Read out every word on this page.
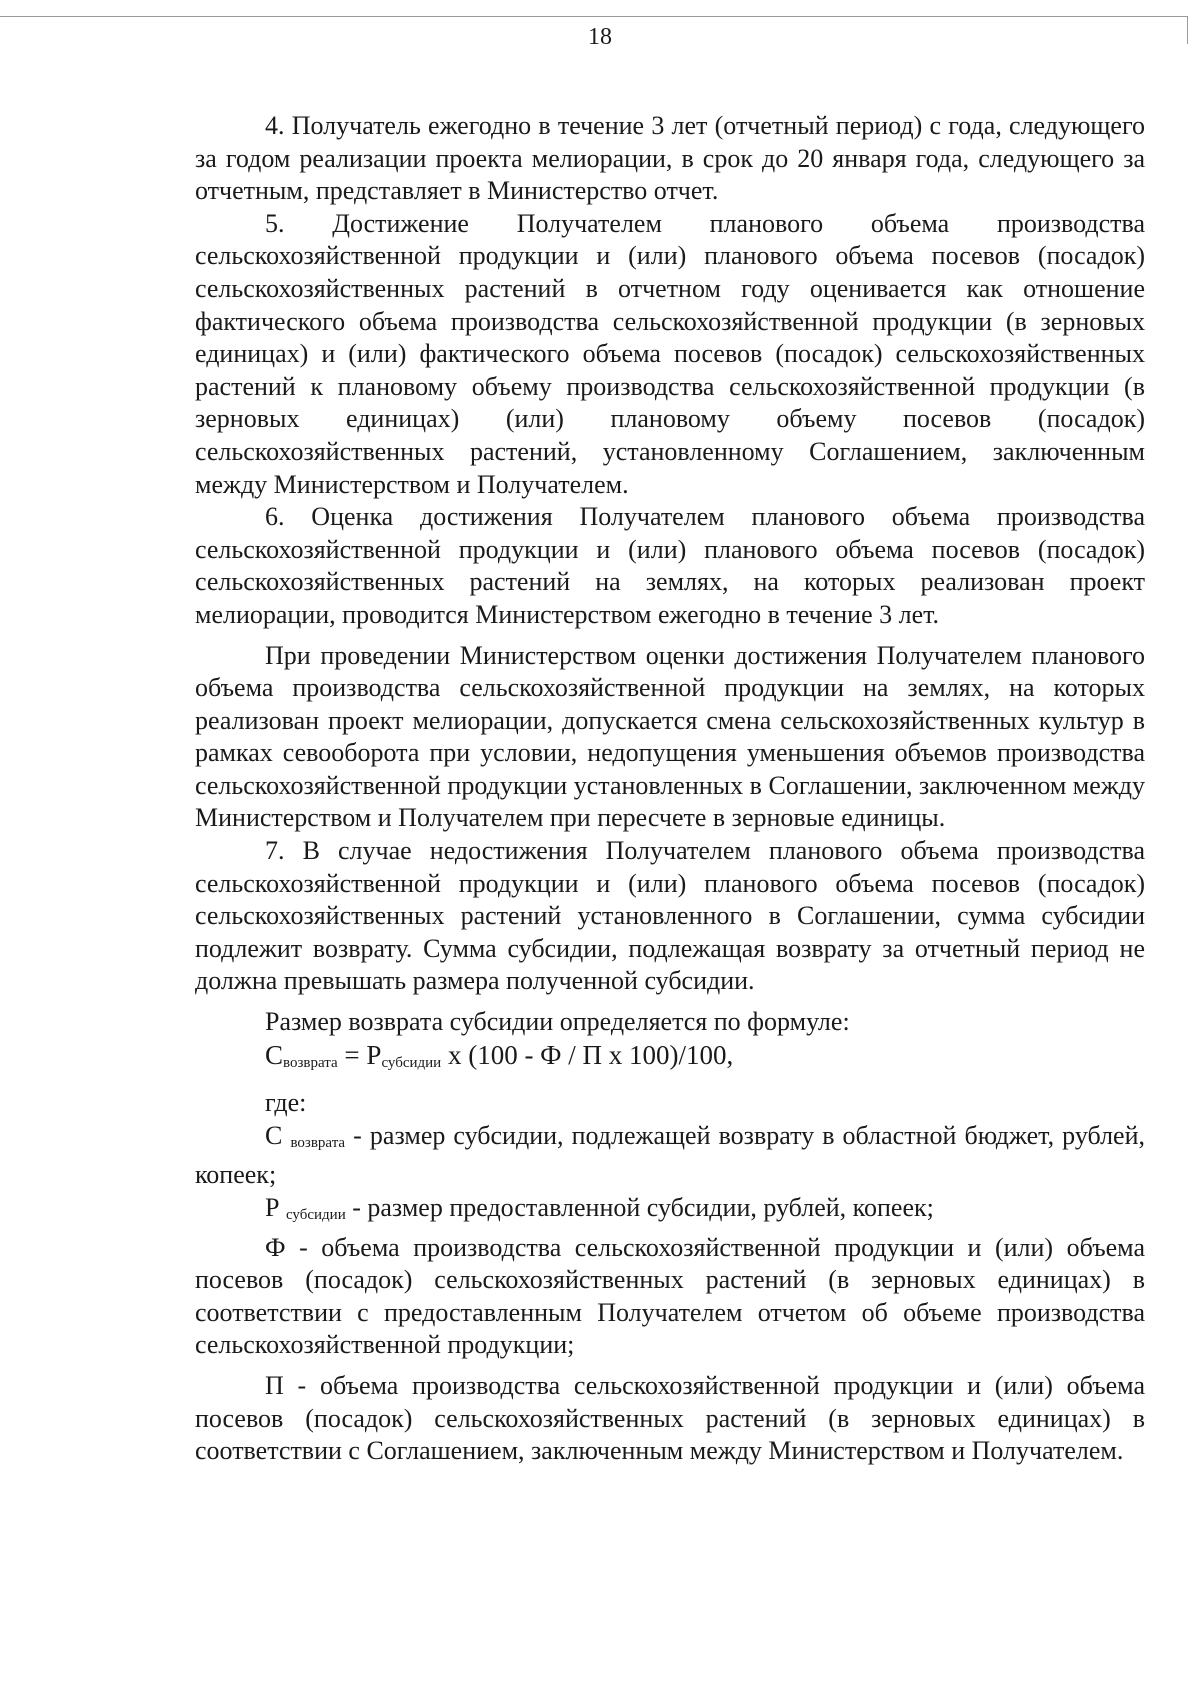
18

4. Получатель ежегодно в течение 3 лет (отчетный период) с года, следующего за годом реализации проекта мелиорации, в срок до 20 января года, следующего за отчетным, представляет в Министерство отчет.

5. Достижение Получателем планового объема производства сельскохозяйственной продукции и (или) планового объема посевов (посадок) сельскохозяйственных растений в отчетном году оценивается как отношение фактического объема производства сельскохозяйственной продукции (в зерновых единицах) и (или) фактического объема посевов (посадок) сельскохозяйственных растений к плановому объему производства сельскохозяйственной продукции (в зерновых единицах) (или) плановому объему посевов (посадок) сельскохозяйственных растений, установленному Соглашением, заключенным между Министерством и Получателем.

6. Оценка достижения Получателем планового объема производства сельскохозяйственной продукции и (или) планового объема посевов (посадок) сельскохозяйственных растений на землях, на которых реализован проект мелиорации, проводится Министерством ежегодно в течение 3 лет.

При проведении Министерством оценки достижения Получателем планового объема производства сельскохозяйственной продукции на землях, на которых реализован проект мелиорации, допускается смена сельскохозяйственных культур в рамках севооборота при условии, недопущения уменьшения объемов производства сельскохозяйственной продукции установленных в Соглашении, заключенном между Министерством и Получателем при пересчете в зерновые единицы.

7. В случае недостижения Получателем планового объема производства сельскохозяйственной продукции и (или) планового объема посевов (посадок) сельскохозяйственных растений установленного в Соглашении, сумма субсидии подлежит возврату. Сумма субсидии, подлежащая возврату за отчетный период не должна превышать размера полученной субсидии.

Размер возврата субсидии определяется по формуле:

$С_{возврата} = Р_{субсидии}$ х (100 - Ф / П х 100)/100,

где:

С $_{возврата}$ - размер субсидии, подлежащей возврату в областной бюджет, рублей, копеек;

Р $_{субсидии}$ - размер предоставленной субсидии, рублей, копеек;

Ф - объема производства сельскохозяйственной продукции и (или) объема посевов (посадок) сельскохозяйственных растений (в зерновых единицах) в соответствии с предоставленным Получателем отчетом об объеме производства сельскохозяйственной продукции;

П - объема производства сельскохозяйственной продукции и (или) объема посевов (посадок) сельскохозяйственных растений (в зерновых единицах) в соответствии с Соглашением, заключенным между Министерством и Получателем.
